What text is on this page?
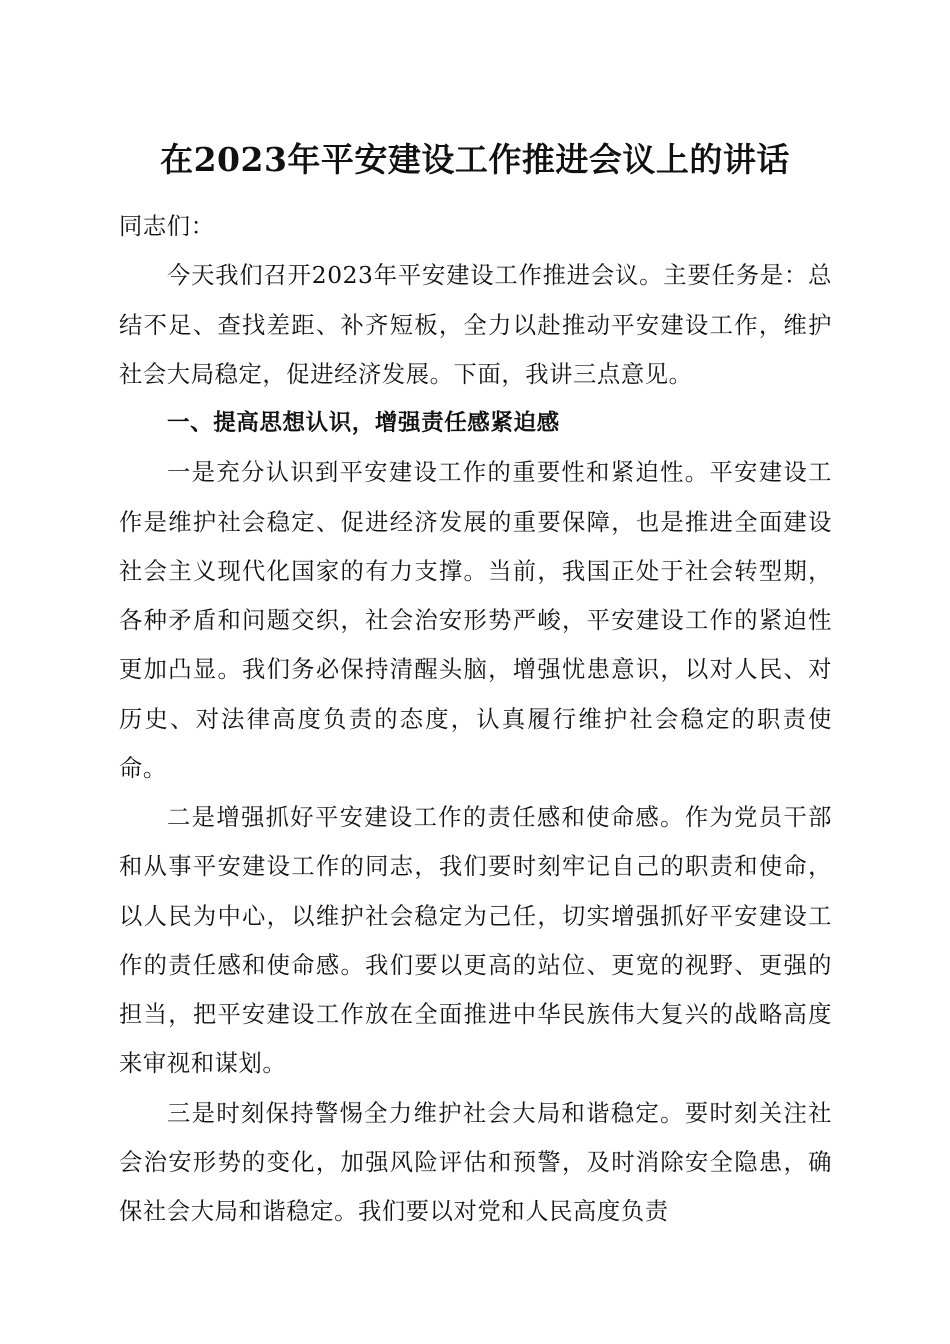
在2023年平安建设工作推进会议上的讲话

同志们：

今天我们召开2023年平安建设工作推进会议。主要任务是：总结不足、查找差距、补齐短板，全力以赴推动平安建设工作，维护社会大局稳定，促进经济发展。下面，我讲三点意见。

一、提高思想认识，增强责任感紧迫感

一是充分认识到平安建设工作的重要性和紧迫性。平安建设工作是维护社会稳定、促进经济发展的重要保障，也是推进全面建设社会主义现代化国家的有力支撑。当前，我国正处于社会转型期，各种矛盾和问题交织，社会治安形势严峻，平安建设工作的紧迫性更加凸显。我们务必保持清醒头脑，增强忧患意识，以对人民、对历史、对法律高度负责的态度，认真履行维护社会稳定的职责使命。

二是增强抓好平安建设工作的责任感和使命感。作为党员干部和从事平安建设工作的同志，我们要时刻牢记自己的职责和使命，以人民为中心，以维护社会稳定为己任，切实增强抓好平安建设工作的责任感和使命感。我们要以更高的站位、更宽的视野、更强的担当，把平安建设工作放在全面推进中华民族伟大复兴的战略高度来审视和谋划。

三是时刻保持警惕全力维护社会大局和谐稳定。要时刻关注社会治安形势的变化，加强风险评估和预警，及时消除安全隐患，确保社会大局和谐稳定。我们要以对党和人民高度负责
